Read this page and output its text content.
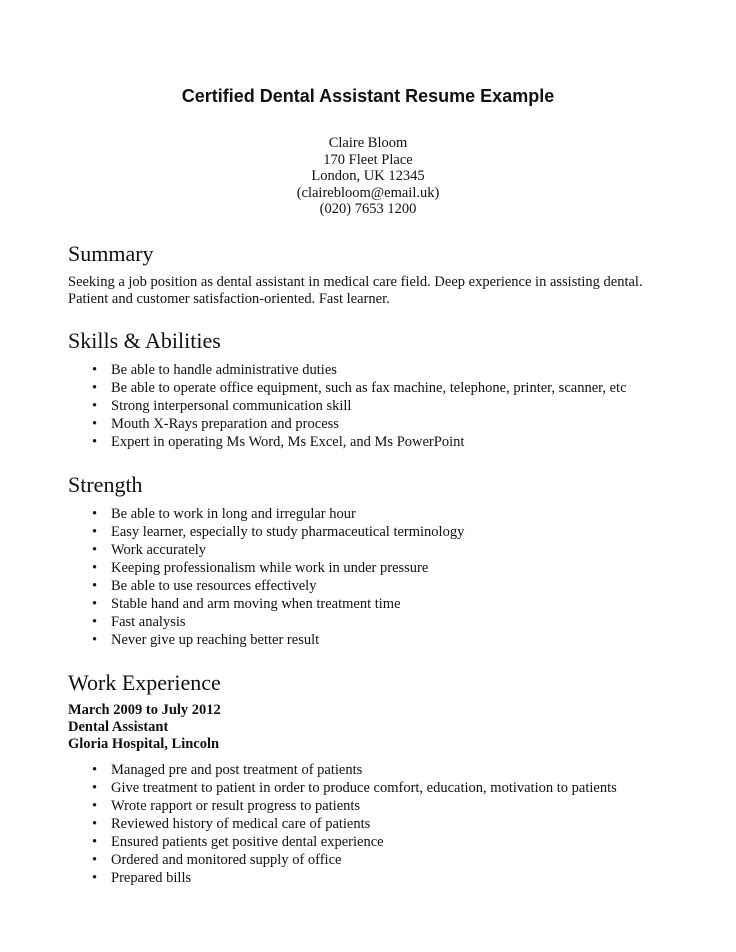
Certified Dental Assistant Resume Example
Claire Bloom
170 Fleet Place
London, UK 12345
(clairebloom@email.uk)
(020) 7653 1200
Summary
Seeking a job position as dental assistant in medical care field. Deep experience in assisting dental.
Patient and customer satisfaction-oriented. Fast learner.
Skills & Abilities
• Be able to handle administrative duties
• Be able to operate office equipment, such as fax machine, telephone, printer, scanner, etc
• Strong interpersonal communication skill
• Mouth X-Rays preparation and process
• Expert in operating Ms Word, Ms Excel, and Ms PowerPoint
Strength
• Be able to work in long and irregular hour
• Easy learner, especially to study pharmaceutical terminology
• Work accurately
• Keeping professionalism while work in under pressure
• Be able to use resources effectively
• Stable hand and arm moving when treatment time
• Fast analysis
• Never give up reaching better result
Work Experience
March 2009 to July 2012
Dental Assistant
Gloria Hospital, Lincoln
• Managed pre and post treatment of patients
• Give treatment to patient in order to produce comfort, education, motivation to patients
• Wrote rapport or result progress to patients
• Reviewed history of medical care of patients
• Ensured patients get positive dental experience
• Ordered and monitored supply of office
• Prepared bills
